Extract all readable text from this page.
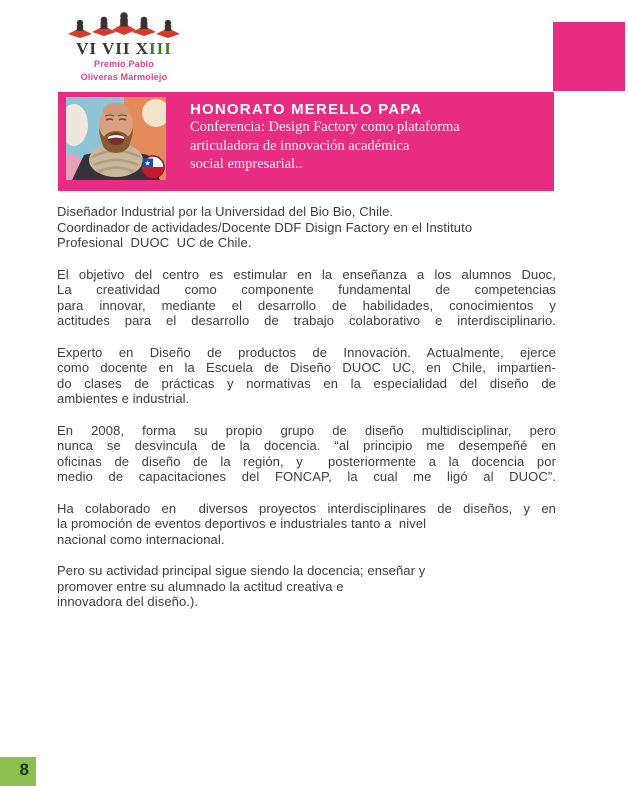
VI VII XIII
Premio Pablo
Oliveras Marmolejo
★
HONORATO MERELLO PAPA
Conferencia: Design Factory como plataforma
articuladora de innovación académica
social empresarial..
Diseñador Industrial por la Universidad del Bio Bio, Chile.
Coordinador de actividades/Docente DDF Disign Factory en el Instituto
Profesional  DUOC  UC de Chile.
El objetivo del centro es estimular en la enseñanza a los alumnos Duoc,
La creatividad como componente fundamental de competencias
para innovar, mediante el desarrollo de habilidades, conocimientos y
actitudes para el desarrollo de trabajo colaborativo e interdisciplinario.
Experto en Diseño de productos de Innovación. Actualmente, ejerce
como docente en la Escuela de Diseño DUOC UC, en Chile, impartien-
do clases de prácticas y normativas en la especialidad del diseño de
ambientes e industrial.
En 2008, forma su propio grupo de diseño multidisciplinar, pero
nunca se desvincula de la docencia. “al principio me desempeñé en
oficinas de diseño de la región, y  posteriormente a la docencia por
medio de capacitaciones del FONCAP, la cual me ligó al DUOC”.
Ha colaborado en  diversos proyectos interdisciplinares de diseños, y en
la promoción de eventos deportivos e industriales tanto a  nivel
nacional como internacional.
Pero su actividad principal sigue siendo la docencia; enseñar y
promover entre su alumnado la actitud creativa e
innovadora del diseño.).
8
